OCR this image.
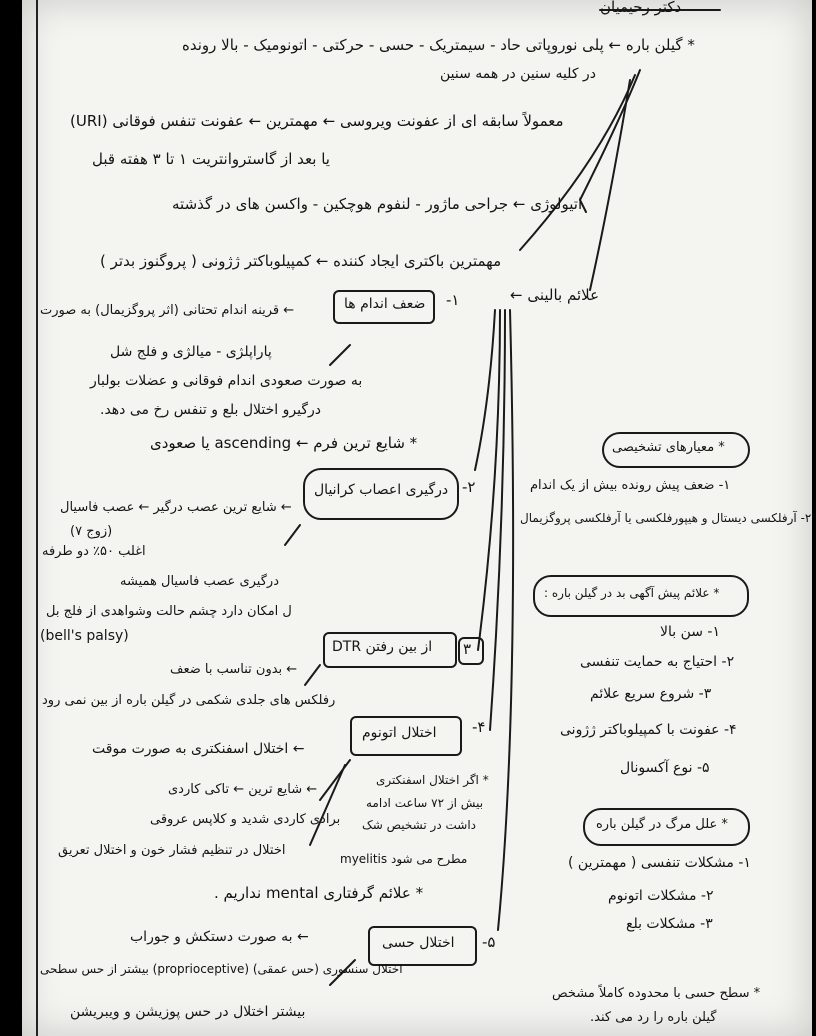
دکتر رحیمیان
* گیلن باره ← پلی نوروپاتی حاد - سیمتریک - حسی - حرکتی - اتونومیک - بالا رونده
در کلیه سنین در همه سنین
معمولاً سابقه ای از عفونت ویروسی ← مهمترین ← عفونت تنفس فوقانی (URI)
یا بعد از گاستروانتریت ۱ تا ۳ هفته قبل
اتیولوژی ← جراحی ماژور - لنفوم هوچکین - واکسن های در گذشته
مهمترین باکتری ایجاد کننده ← کمپیلوباکتر ژژونی ( پروگنوز بدتر )
علائم بالینی ←
۱-
ضعف اندام ها
← قرینه اندام تحتانی (اثر پروگزیمال) به صورت
پاراپلژی - میالژی و فلج شل
به صورت صعودی اندام فوقانی و عضلات بولبار
درگیرو اختلال بلع و تنفس رخ می دهد.
* شایع ترین فرم ← ascending یا صعودی
۲-
درگیری اعصاب کرانیال
← شایع ترین عصب درگیر ← عصب فاسیال
(زوج ۷)
اغلب ۵۰٪ دو طرفه
درگیری عصب فاسیال همیشه
ل امکان دارد چشم حالت وشواهدی از فلج بل
(bell's palsy)
۳
از بین رفتن DTR
← بدون تناسب با ضعف
رفلکس های جلدی شکمی در گیلن باره از بین نمی رود
۴-
اختلال اتونوم
← اختلال اسفنکتری به صورت موقت
← شایع ترین ← تاکی کاردی
برادی کاردی شدید و کلاپس عروقی
اختلال در تنظیم فشار خون و اختلال تعریق
* اگر اختلال اسفنکتری
بیش از ۷۲ ساعت ادامه
داشت در تشخیص شک
مطرح می شود myelitis
* علائم گرفتاری mental نداریم .
۵-
اختلال حسی
← به صورت دستکش و جوراب
اختلال سنسوری (حس عمقی) (proprioceptive) بیشتر از حس سطحی
بیشتر اختلال در حس پوزیشن و ویبریشن
* معیارهای تشخیصی
۱- ضعف پیش رونده بیش از یک اندام
۲- آرفلکسی دیستال و هیپورفلکسی یا آرفلکسی پروگزیمال
* علائم پیش آگهی بد در گیلن باره :
۱- سن بالا
۲- احتیاج به حمایت تنفسی
۳- شروع سریع علائم
۴- عفونت با کمپیلوباکتر ژژونی
۵- نوع آکسونال
* علل مرگ در گیلن باره
۱- مشکلات تنفسی ( مهمترین )
۲- مشکلات اتونوم
۳- مشکلات بلع
* سطح حسی با محدوده کاملاً مشخص
گیلن باره را رد می کند.
